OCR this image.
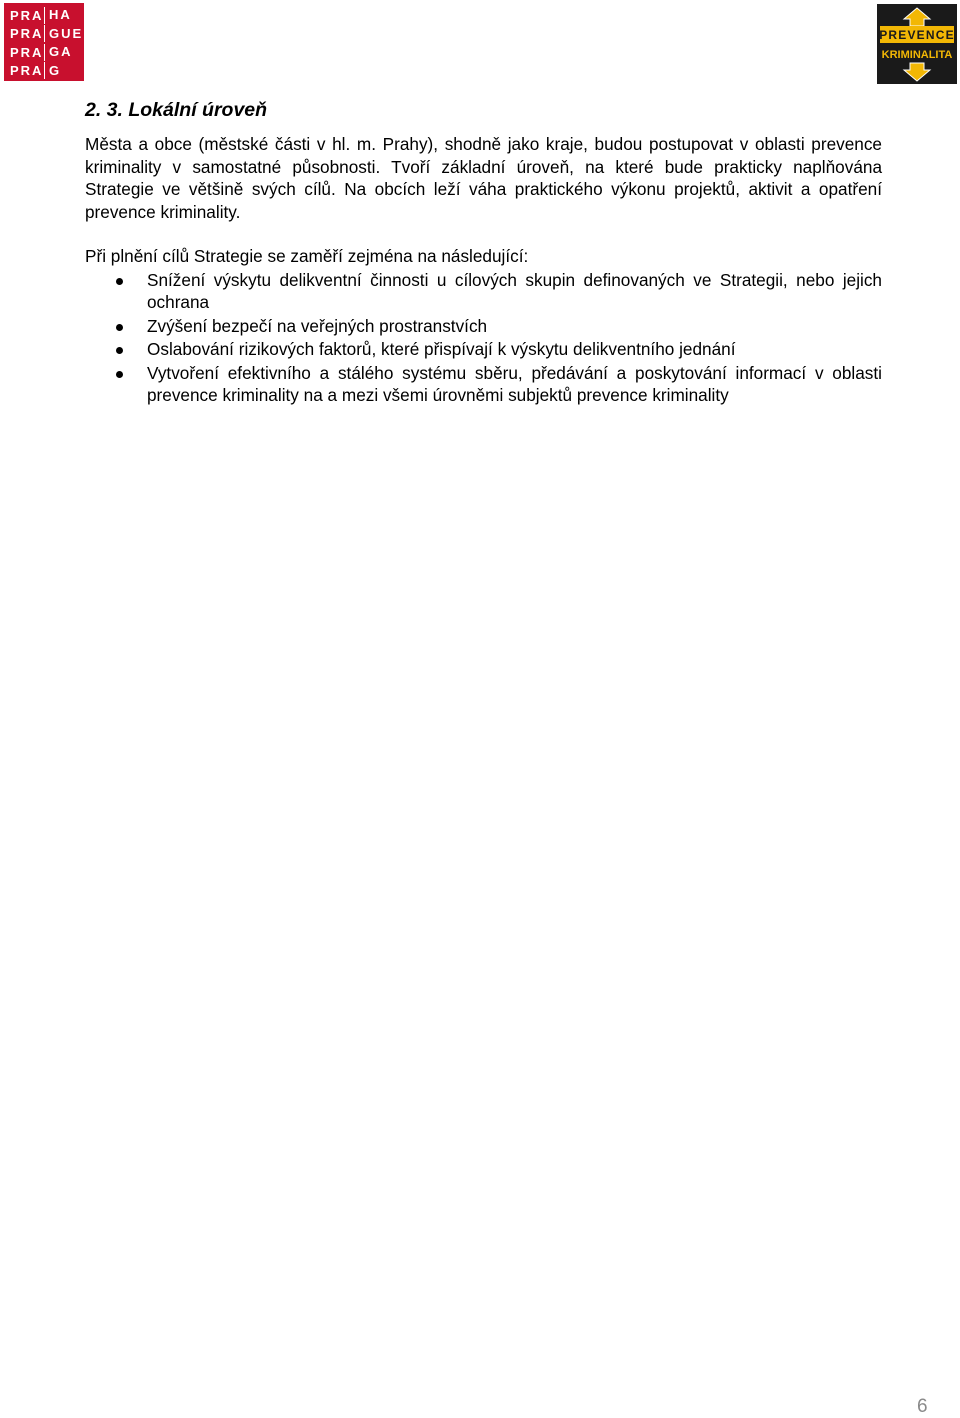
PRA HA
PRA GUE
PRA GA
PRA G
PREVENCE
KRIMINALITA
2. 3. Lokální úroveň
Města a obce (městské části v hl. m. Prahy), shodně jako kraje, budou postupovat v oblasti prevence kriminality v samostatné působnosti. Tvoří základní úroveň, na které bude prakticky naplňována Strategie ve většině svých cílů. Na obcích leží váha praktického výkonu projektů, aktivit a opatření prevence kriminality.

Při plnění cílů Strategie se zaměří zejména na následující:

Snížení výskytu delikventní činnosti u cílových skupin definovaných ve Strategii, nebo jejich ochrana
Zvýšení bezpečí na veřejných prostranstvích
Oslabování rizikových faktorů, které přispívají k výskytu delikventního jednání
Vytvoření efektivního a stálého systému sběru, předávání a poskytování informací v oblasti prevence kriminality na a mezi všemi úrovněmi subjektů prevence kriminality
6
